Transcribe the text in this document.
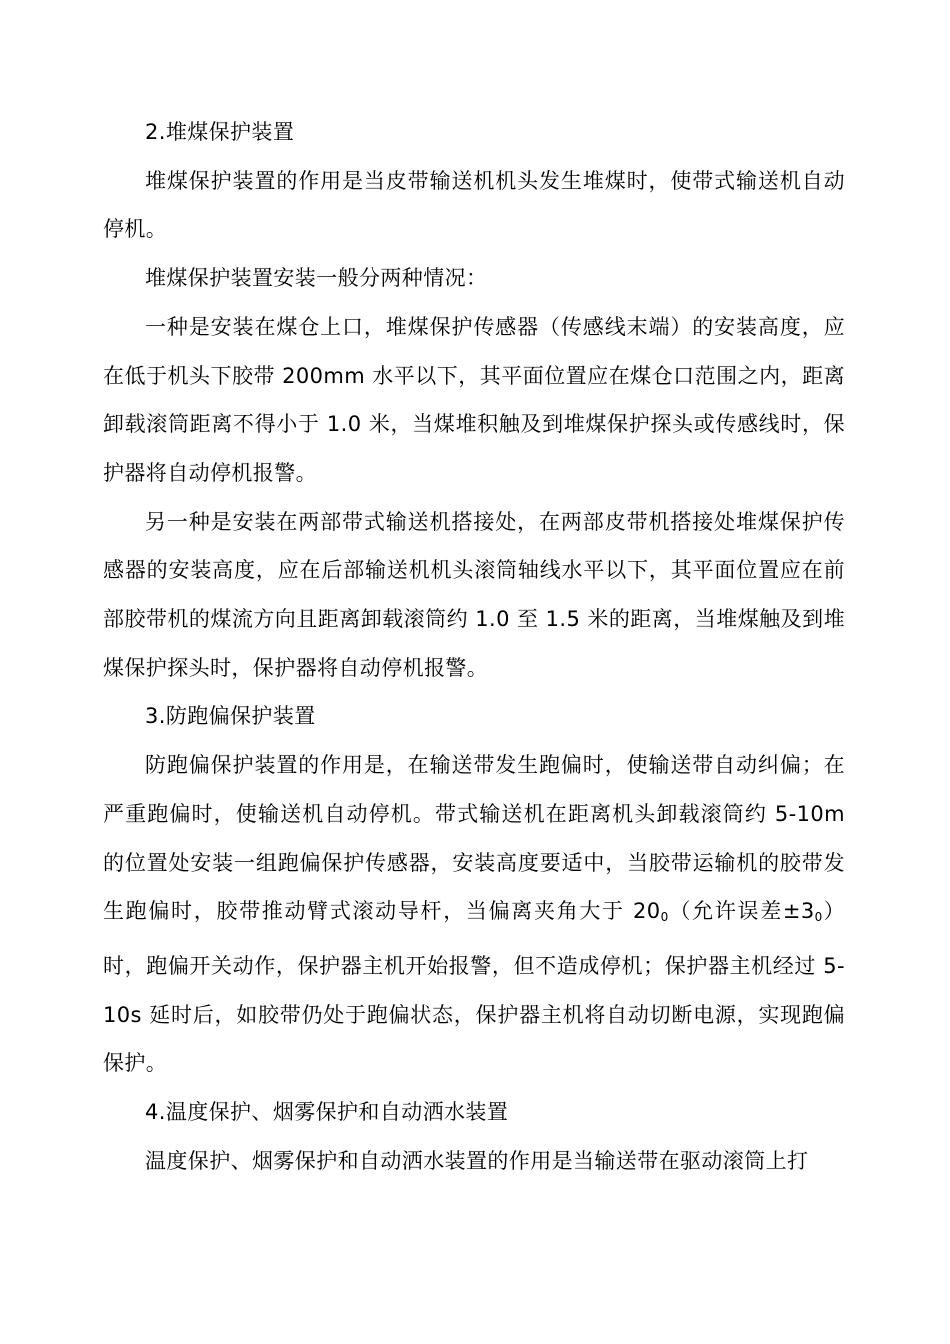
2.堆煤保护装置

堆煤保护装置的作用是当皮带输送机机头发生堆煤时，使带式输送机自动停机。

堆煤保护装置安装一般分两种情况：

一种是安装在煤仓上口，堆煤保护传感器（传感线末端）的安装高度，应在低于机头下胶带 200mm 水平以下，其平面位置应在煤仓口范围之内，距离卸载滚筒距离不得小于 1.0 米，当煤堆积触及到堆煤保护探头或传感线时，保护器将自动停机报警。

另一种是安装在两部带式输送机搭接处，在两部皮带机搭接处堆煤保护传感器的安装高度，应在后部输送机机头滚筒轴线水平以下，其平面位置应在前部胶带机的煤流方向且距离卸载滚筒约 1.0 至 1.5 米的距离，当堆煤触及到堆煤保护探头时，保护器将自动停机报警。

3.防跑偏保护装置

防跑偏保护装置的作用是，在输送带发生跑偏时，使输送带自动纠偏；在严重跑偏时，使输送机自动停机。带式输送机在距离机头卸载滚筒约 5-10m 的位置处安装一组跑偏保护传感器，安装高度要适中，当胶带运输机的胶带发生跑偏时，胶带推动臂式滚动导杆，当偏离夹角大于 $20_0$（允许误差$\pm 3_0$）时，跑偏开关动作，保护器主机开始报警，但不造成停机；保护器主机经过 5-10s 延时后，如胶带仍处于跑偏状态，保护器主机将自动切断电源，实现跑偏保护。

4.温度保护、烟雾保护和自动洒水装置

温度保护、烟雾保护和自动洒水装置的作用是当输送带在驱动滚筒上打
